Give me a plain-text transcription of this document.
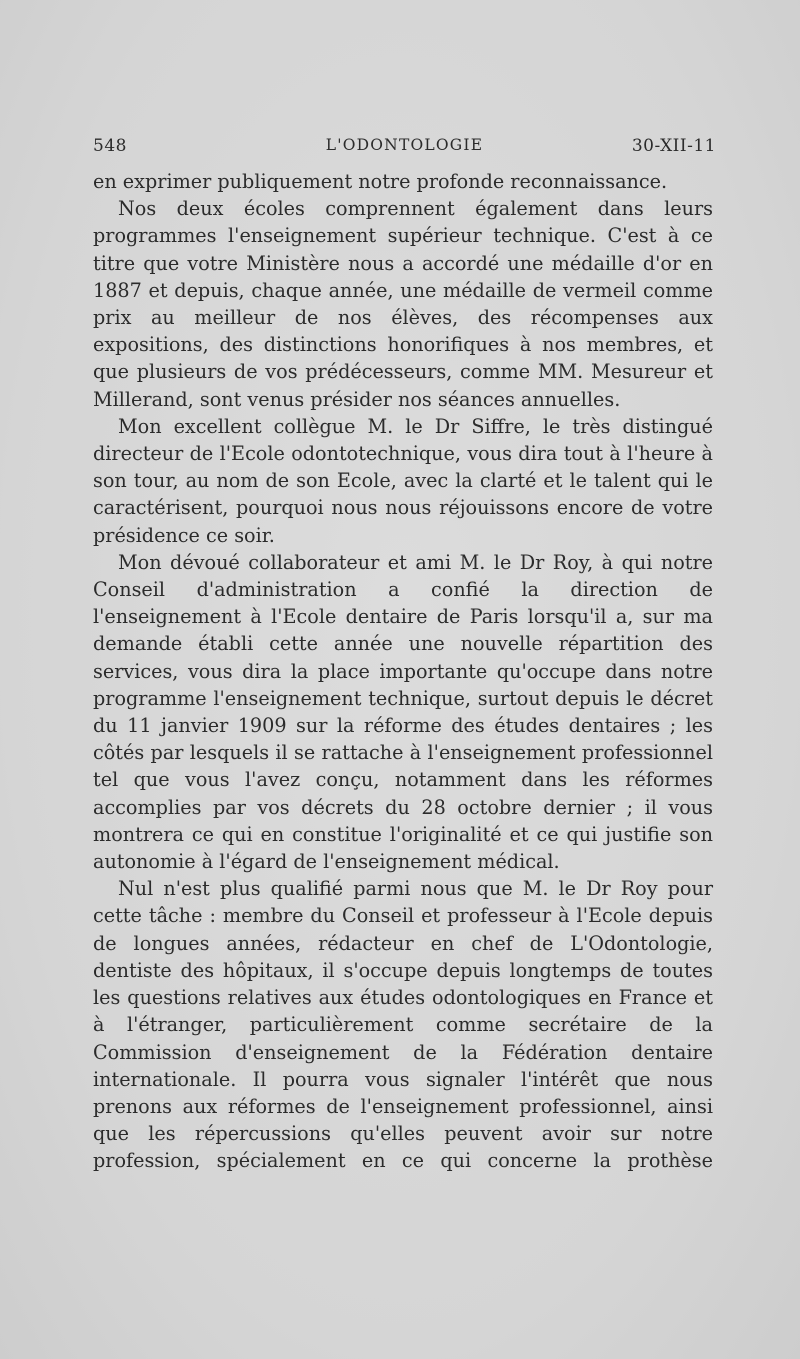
548	L'ODONTOLOGIE	30-XII-11

en exprimer publiquement notre profonde reconnaissance.

Nos deux écoles comprennent également dans leurs programmes l'enseignement supérieur technique. C'est à ce titre que votre Ministère nous a accordé une médaille d'or en 1887 et depuis, chaque année, une médaille de vermeil comme prix au meilleur de nos élèves, des récompenses aux expositions, des distinctions honorifiques à nos membres, et que plusieurs de vos prédécesseurs, comme MM. Mesureur et Millerand, sont venus présider nos séances annuelles.

Mon excellent collègue M. le Dr Siffre, le très distingué directeur de l'Ecole odontotechnique, vous dira tout à l'heure à son tour, au nom de son Ecole, avec la clarté et le talent qui le caractérisent, pourquoi nous nous réjouissons encore de votre présidence ce soir.

Mon dévoué collaborateur et ami M. le Dr Roy, à qui notre Conseil d'administration a confié la direction de l'enseignement à l'Ecole dentaire de Paris lorsqu'il a, sur ma demande établi cette année une nouvelle répartition des services, vous dira la place importante qu'occupe dans notre programme l'enseignement technique, surtout depuis le décret du 11 janvier 1909 sur la réforme des études dentaires ; les côtés par lesquels il se rattache à l'enseignement professionnel tel que vous l'avez conçu, notamment dans les réformes accomplies par vos décrets du 28 octobre dernier ; il vous montrera ce qui en constitue l'originalité et ce qui justifie son autonomie à l'égard de l'enseignement médical.

Nul n'est plus qualifié parmi nous que M. le Dr Roy pour cette tâche : membre du Conseil et professeur à l'Ecole depuis de longues années, rédacteur en chef de L'Odontologie, dentiste des hôpitaux, il s'occupe depuis longtemps de toutes les questions relatives aux études odontologiques en France et à l'étranger, particulièrement comme secrétaire de la Commission d'enseignement de la Fédération dentaire internationale. Il pourra vous signaler l'intérêt que nous prenons aux réformes de l'enseignement professionnel, ainsi que les répercussions qu'elles peuvent avoir sur notre profession, spécialement en ce qui concerne la prothèse
